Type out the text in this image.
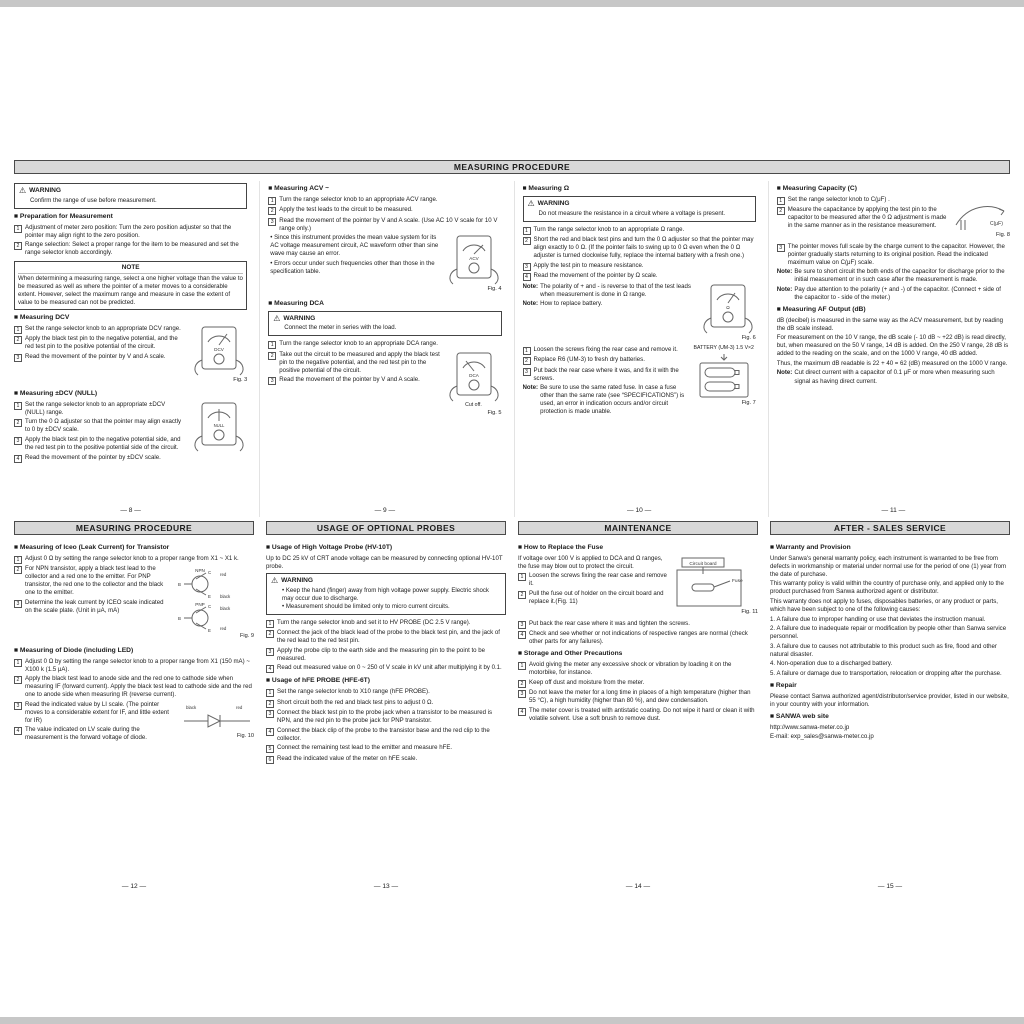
MEASURING PROCEDURE
⚠ WARNING
Confirm the range of use before measurement.
■ Preparation for Measurement
1 Adjustment of meter zero position: Turn the zero position adjuster so that the pointer may align right to the zero position.
2 Range selection: Select a proper range for the item to be measured and set the range selector knob accordingly.
NOTE
When determining a measuring range, select a one higher voltage than the value to be measured as well as where the pointer of a meter moves to a considerable extent. However, select the maximum range and measure in case the extent of value to be measured can not be predicted.
■ Measuring DCV
DCV
Fig. 3
1 Set the range selector knob to an appropriate DCV range.
2 Apply the black test pin to the negative potential, and the red test pin to the positive potential of the circuit.
3 Read the movement of the pointer by V and A scale.
■ Measuring ±DCV (NULL)
NULL
1 Set the range selector knob to an appropriate ±DCV (NULL) range.
2 Turn the 0 Ω adjuster so that the pointer may align exactly to 0 by ±DCV scale.
3 Apply the black test pin to the negative potential side, and the red test pin to the positive potential side of the circuit.
4 Read the movement of the pointer by ±DCV scale.
— 8 —
■ Measuring ACV ~
1 Turn the range selector knob to an appropriate ACV range.
2 Apply the test leads to the circuit to be measured.
3 Read the movement of the pointer by V and A scale. (Use AC 10 V scale for 10 V range only.)
ACV
Fig. 4
• Since this instrument provides the mean value system for its AC voltage measurement circuit, AC waveform other than sine wave may cause an error.
• Errors occur under such frequencies other than those in the specification table.
■ Measuring DCA
⚠ WARNING
Connect the meter in series with the load.
1 Turn the range selector knob to an appropriate DCA range.
DCA
Cut off.
Fig. 5
2 Take out the circuit to be measured and apply the black test pin to the negative potential, and the red test pin to the positive potential of the circuit.
3 Read the movement of the pointer by V and A scale.
— 9 —
■ Measuring Ω
⚠ WARNING
Do not measure the resistance in a circuit where a voltage is present.
1 Turn the range selector knob to an appropriate Ω range.
2 Short the red and black test pins and turn the 0 Ω adjuster so that the pointer may align exactly to 0 Ω. (If the pointer fails to swing up to 0 Ω even when the 0 Ω adjuster is turned clockwise fully, replace the internal battery with a fresh one.)
3 Apply the test pin to measure resistance.
4 Read the movement of the pointer by Ω scale.
Ω
Fig. 6
Note: The polarity of + and - is reverse to that of the test leads when measurement is done in Ω range.
Note: How to replace battery.
BATTERY (UM-3) 1.5 V×2
Fig. 7
1 Loosen the screws fixing the rear case and remove it.
2 Replace R6 (UM-3) to fresh dry batteries.
3 Put back the rear case where it was, and fix it with the screws.
Note: Be sure to use the same rated fuse. In case a fuse other than the same rate (see “SPECIFICATIONS”) is used, an error in indication occurs and/or circuit protection is made unable.
— 10 —
■ Measuring Capacity (C)
C(μF)
Fig. 8
1 Set the range selector knob to C(μF) .
2 Measure the capacitance by applying the test pin to the capacitor to be measured after the 0 Ω adjustment is made in the same manner as in the resistance measurement.
3 The pointer moves full scale by the charge current to the capacitor. However, the pointer gradually starts returning to its original position. Read the indicated maximum value on C(μF) scale.
Note: Be sure to short circuit the both ends of the capacitor for discharge prior to the initial measurement or in such case after the measurement is made.
Note: Pay due attention to the polarity (+ and -) of the capacitor. (Connect + side of the capacitor to - side of the meter.)
■ Measuring AF Output (dB)
dB (decibel) is measured in the same way as the ACV measurement, but by reading the dB scale instead.
For measurement on the 10 V range, the dB scale (- 10 dB ~ +22 dB) is read directly, but, when measured on the 50 V range, 14 dB is added. On the 250 V range, 28 dB is added to the reading on the scale, and on the 1000 V range, 40 dB added.
Thus, the maximum dB readable is 22 + 40 = 62 (dB) measured on the 1000 V range.
Note: Cut direct current with a capacitor of 0.1 μF or more when measuring such signal as having direct current.
— 11 —
MEASURING PROCEDURE
■ Measuring of Iceo (Leak Current) for Transistor
1 Adjust 0 Ω by setting the range selector knob to a proper range from X1 ~ X1 k.
NPN
B
C
E
red
black
PNP
B
C
E
black
red
Fig. 9
2 For NPN transistor, apply a black test lead to the collector and a red one to the emitter. For PNP transistor, the red one to the collector and the black one to the emitter.
3 Determine the leak current by ICEO scale indicated on the scale plate. (Unit in μA, mA)
■ Measuring of Diode (including LED)
1 Adjust 0 Ω by setting the range selector knob to a proper range from X1 (150 mA) ~ X100 k (1.5 μA).
2 Apply the black test lead to anode side and the red one to cathode side when measuring IF (forward current). Apply the black test lead to cathode side and the red one to anode side when measuring IR (reverse current).
black	red
Fig. 10
3 Read the indicated value by LI scale. (The pointer moves to a considerable extent for IF, and little extent for IR)
4 The value indicated on LV scale during the measurement is the forward voltage of diode.
— 12 —
USAGE OF OPTIONAL PROBES
■ Usage of High Voltage Probe (HV-10T)
Up to DC 25 kV of CRT anode voltage can be measured by connecting optional HV-10T probe.
⚠ WARNING
• Keep the hand (finger) away from high voltage power supply. Electric shock may occur due to discharge.
• Measurement should be limited only to micro current circuits.
1 Turn the range selector knob and set it to HV PROBE (DC 2.5 V range).
2 Connect the jack of the black lead of the probe to the black test pin, and the jack of the red lead to the red test pin.
3 Apply the probe clip to the earth side and the measuring pin to the point to be measured.
4 Read out measured value on 0 ~ 250 of V scale in kV unit after multiplying it by 0.1.
■ Usage of hFE PROBE (HFE-6T)
1 Set the range selector knob to X10 range (hFE PROBE).
2 Short circuit both the red and black test pins to adjust 0 Ω.
3 Connect the black test pin to the probe jack when a transistor to be measured is NPN, and the red pin to the probe jack for PNP transistor.
4 Connect the black clip of the probe to the transistor base and the red clip to the collector.
5 Connect the remaining test lead to the emitter and measure hFE.
6 Read the indicated value of the meter on hFE scale.
— 13 —
MAINTENANCE
■ How to Replace the Fuse
Circuit board
Fuse
Fig. 11
If voltage over 100 V is applied to DCA and Ω ranges, the fuse may blow out to protect the circuit.
1 Loosen the screws fixing the rear case and remove it.
2 Pull the fuse out of holder on the circuit board and replace it.(Fig. 11)
3 Put back the rear case where it was and tighten the screws.
4 Check and see whether or not indications of respective ranges are normal (check other parts for any failures).
■ Storage and Other Precautions
1 Avoid giving the meter any excessive shock or vibration by loading it on the motorbike, for instance.
2 Keep off dust and moisture from the meter.
3 Do not leave the meter for a long time in places of a high temperature (higher than 55 °C), a high humidity (higher than 80 %), and dew condensation.
4 The meter cover is treated with antistatic coating. Do not wipe it hard or clean it with volatile solvent. Use a soft brush to remove dust.
— 14 —
AFTER - SALES SERVICE
■ Warranty and Provision
Under Sanwa's general warranty policy, each instrument is warranted to be free from defects in workmanship or material under normal use for the period of one (1) year from the date of purchase.
This warranty policy is valid within the country of purchase only, and applied only to the product purchased from Sanwa authorized agent or distributor.
This warranty does not apply to fuses, disposables batteries, or any product or parts, which have been subject to one of the following causes:
1. A failure due to improper handling or use that deviates the instruction manual.
2. A failure due to inadequate repair or modification by people other than Sanwa service personnel.
3. A failure due to causes not attributable to this product such as fire, flood and other natural disaster.
4. Non-operation due to a discharged battery.
5. A failure or damage due to transportation, relocation or dropping after the purchase.
■ Repair
Please contact Sanwa authorized agent/distributor/service provider, listed in our website, in your country with your information.
■ SANWA web site
http://www.sanwa-meter.co.jp
E-mail: exp_sales@sanwa-meter.co.jp
— 15 —
